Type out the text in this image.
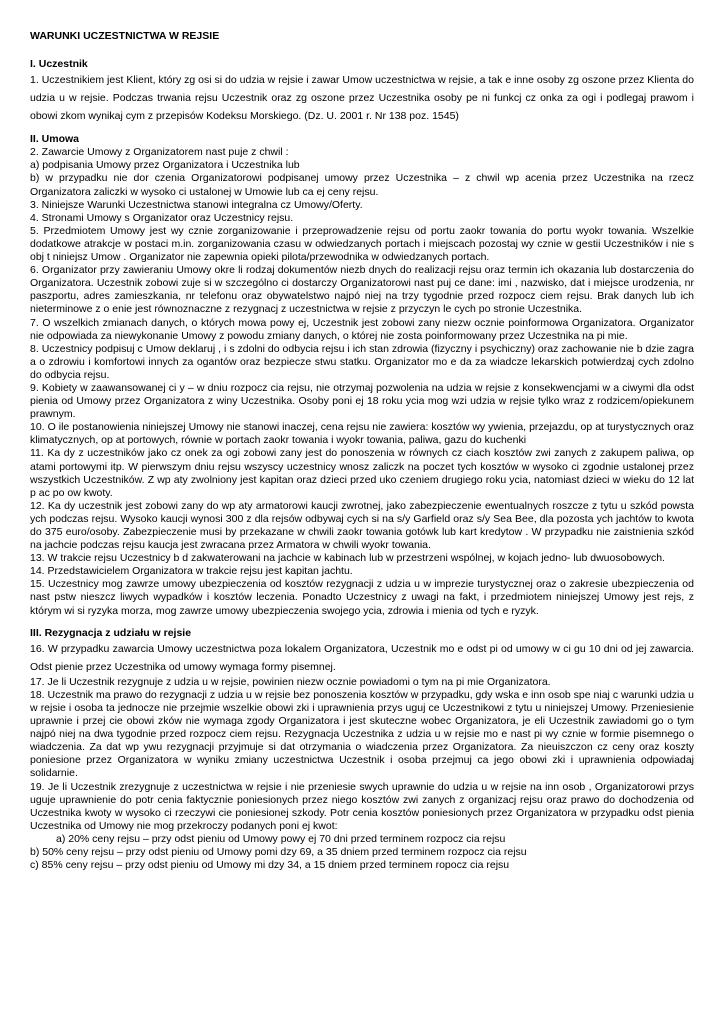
WARUNKI UCZESTNICTWA W REJSIE

I. Uczestnik

1. Uczestnikiem jest Klient, który zg osi si do udzia w rejsie i zawar Umow uczestnictwa w rejsie, a tak e inne osoby zg oszone przez Klienta do udzia u w rejsie. Podczas trwania rejsu Uczestnik oraz zg oszone przez Uczestnika osoby pe ni funkcj cz onka za ogi i podlegaj prawom i obowi zkom wynikaj cym z przepisów Kodeksu Morskiego. (Dz. U. 2001 r. Nr 138 poz. 1545)

II. Umowa

2. Zawarcie Umowy z Organizatorem nast puje z chwil :

a) podpisania Umowy przez Organizatora i Uczestnika lub

b) w przypadku nie dor czenia Organizatorowi podpisanej umowy przez Uczestnika – z chwil wp acenia przez Uczestnika na rzecz Organizatora zaliczki w wysoko ci ustalonej w Umowie lub ca ej ceny rejsu.

3. Niniejsze Warunki Uczestnictwa stanowi integralna cz Umowy/Oferty.

4. Stronami Umowy s Organizator oraz Uczestnicy rejsu.

5. Przedmiotem Umowy jest wy cznie zorganizowanie i przeprowadzenie rejsu od portu zaokr towania do portu wyokr towania. Wszelkie dodatkowe atrakcje w postaci m.in. zorganizowania czasu w odwiedzanych portach i miejscach pozostaj wy cznie w gestii Uczestników i nie s obj t niniejsz Umow . Organizator nie zapewnia opieki pilota/przewodnika w odwiedzanych portach.

6. Organizator przy zawieraniu Umowy okre li rodzaj dokumentów niezb dnych do realizacji rejsu oraz termin ich okazania lub dostarczenia do Organizatora. Uczestnik zobowi zuje si w szczególno ci dostarczy Organizatorowi nast puj ce dane: imi , nazwisko, dat i miejsce urodzenia, nr paszportu, adres zamieszkania, nr telefonu oraz obywatelstwo najpó niej na trzy tygodnie przed rozpocz ciem rejsu. Brak danych lub ich nieterminowe z o enie jest równoznaczne z rezygnacj z uczestnictwa w rejsie z przyczyn le cych po stronie Uczestnika.

7. O wszelkich zmianach danych, o których mowa powy ej, Uczestnik jest zobowi zany niezw ocznie poinformowa Organizatora. Organizator nie odpowiada za niewykonanie Umowy z powodu zmiany danych, o której nie zosta poinformowany przez Uczestnika na pi mie.

8. Uczestnicy podpisuj c Umow deklaruj , i s zdolni do odbycia rejsu i ich stan zdrowia (fizyczny i psychiczny) oraz zachowanie nie b dzie zagra a o zdrowiu i komfortowi innych za ogantów oraz bezpiecze stwu statku. Organizator mo e da za wiadcze lekarskich potwierdzaj cych zdolno do odbycia rejsu.

9. Kobiety w zaawansowanej ci y – w dniu rozpocz cia rejsu, nie otrzymaj pozwolenia na udzia w rejsie z konsekwencjami w a ciwymi dla odst pienia od Umowy przez Organizatora z winy Uczestnika. Osoby poni ej 18 roku ycia mog wzi udzia w rejsie tylko wraz z rodzicem/opiekunem prawnym.

10. O ile postanowienia niniejszej Umowy nie stanowi inaczej, cena rejsu nie zawiera: kosztów wy ywienia, przejazdu, op at turystycznych oraz klimatycznych, op at portowych, równie w portach zaokr towania i wyokr towania, paliwa, gazu do kuchenki

11. Ka dy z uczestników jako cz onek za ogi zobowi zany jest do ponoszenia w równych cz ciach kosztów zwi zanych z zakupem paliwa, op atami portowymi itp. W pierwszym dniu rejsu wszyscy uczestnicy wnosz zaliczk na poczet tych kosztów w wysoko ci zgodnie ustalonej przez wszystkich Uczestników. Z wp aty zwolniony jest kapitan oraz dzieci przed uko czeniem drugiego roku ycia, natomiast dzieci w wieku do 12 lat p ac po ow kwoty.

12. Ka dy uczestnik jest zobowi zany do wp aty armatorowi kaucji zwrotnej, jako zabezpieczenie ewentualnych roszcze z tytu u szkód powsta ych podczas rejsu. Wysoko kaucji wynosi 300 z dla rejsów odbywaj cych si na s/y Garfield oraz s/y Sea Bee, dla pozosta ych jachtów to kwota do 375 euro/osoby. Zabezpieczenie musi by przekazane w chwili zaokr towania gotówk lub kart kredytow . W przypadku nie zaistnienia szkód na jachcie podczas rejsu kaucja jest zwracana przez Armatora w chwili wyokr towania.

13. W trakcie rejsu Uczestnicy b d zakwaterowani na jachcie w kabinach lub w przestrzeni wspólnej, w kojach jedno- lub dwuosobowych.

14. Przedstawicielem Organizatora w trakcie rejsu jest kapitan jachtu.

15. Uczestnicy mog zawrze umowy ubezpieczenia od kosztów rezygnacji z udzia u w imprezie turystycznej oraz o zakresie ubezpieczenia od nast pstw nieszcz liwych wypadków i kosztów leczenia. Ponadto Uczestnicy z uwagi na fakt, i przedmiotem niniejszej Umowy jest rejs, z którym wi si ryzyka morza, mog zawrze umowy ubezpieczenia swojego ycia, zdrowia i mienia od tych e ryzyk.

III. Rezygnacja z udziału w rejsie

16. W przypadku zawarcia Umowy uczestnictwa poza lokalem Organizatora, Uczestnik mo e odst pi od umowy w ci gu 10 dni od jej zawarcia. Odst pienie przez Uczestnika od umowy wymaga formy pisemnej.

17. Je li Uczestnik rezygnuje z udzia u w rejsie, powinien niezw ocznie powiadomi o tym na pi mie Organizatora.

18. Uczestnik ma prawo do rezygnacji z udzia u w rejsie bez ponoszenia kosztów w przypadku, gdy wska e inn osob spe niaj c warunki udzia u w rejsie i osoba ta jednocze nie przejmie wszelkie obowi zki i uprawnienia przys uguj ce Uczestnikowi z tytu u niniejszej Umowy. Przeniesienie uprawnie i przej cie obowi zków nie wymaga zgody Organizatora i jest skuteczne wobec Organizatora, je eli Uczestnik zawiadomi go o tym najpó niej na dwa tygodnie przed rozpocz ciem rejsu. Rezygnacja Uczestnika z udzia u w rejsie mo e nast pi wy cznie w formie pisemnego o wiadczenia. Za dat wp ywu rezygnacji przyjmuje si dat otrzymania o wiadczenia przez Organizatora. Za nieuiszczon cz ceny oraz koszty poniesione przez Organizatora w wyniku zmiany uczestnictwa Uczestnik i osoba przejmuj ca jego obowi zki i uprawnienia odpowiadaj solidarnie.

19. Je li Uczestnik zrezygnuje z uczestnictwa w rejsie i nie przeniesie swych uprawnie do udzia u w rejsie na inn osob , Organizatorowi przys uguje uprawnienie do potr cenia faktycznie poniesionych przez niego kosztów zwi zanych z organizacj rejsu oraz prawo do dochodzenia od Uczestnika kwoty w wysoko ci rzeczywi cie poniesionej szkody. Potr cenia kosztów poniesionych przez Organizatora w przypadku odst pienia Uczestnika od Umowy nie mog przekroczy podanych poni ej kwot:

a) 20% ceny rejsu – przy odst pieniu od Umowy powy ej 70 dni przed terminem rozpocz cia rejsu

b) 50% ceny rejsu – przy odst pieniu od Umowy pomi dzy 69, a 35 dniem przed terminem rozpocz cia rejsu

c) 85% ceny rejsu – przy odst pieniu od Umowy mi dzy 34, a 15 dniem przed terminem ropocz cia rejsu
